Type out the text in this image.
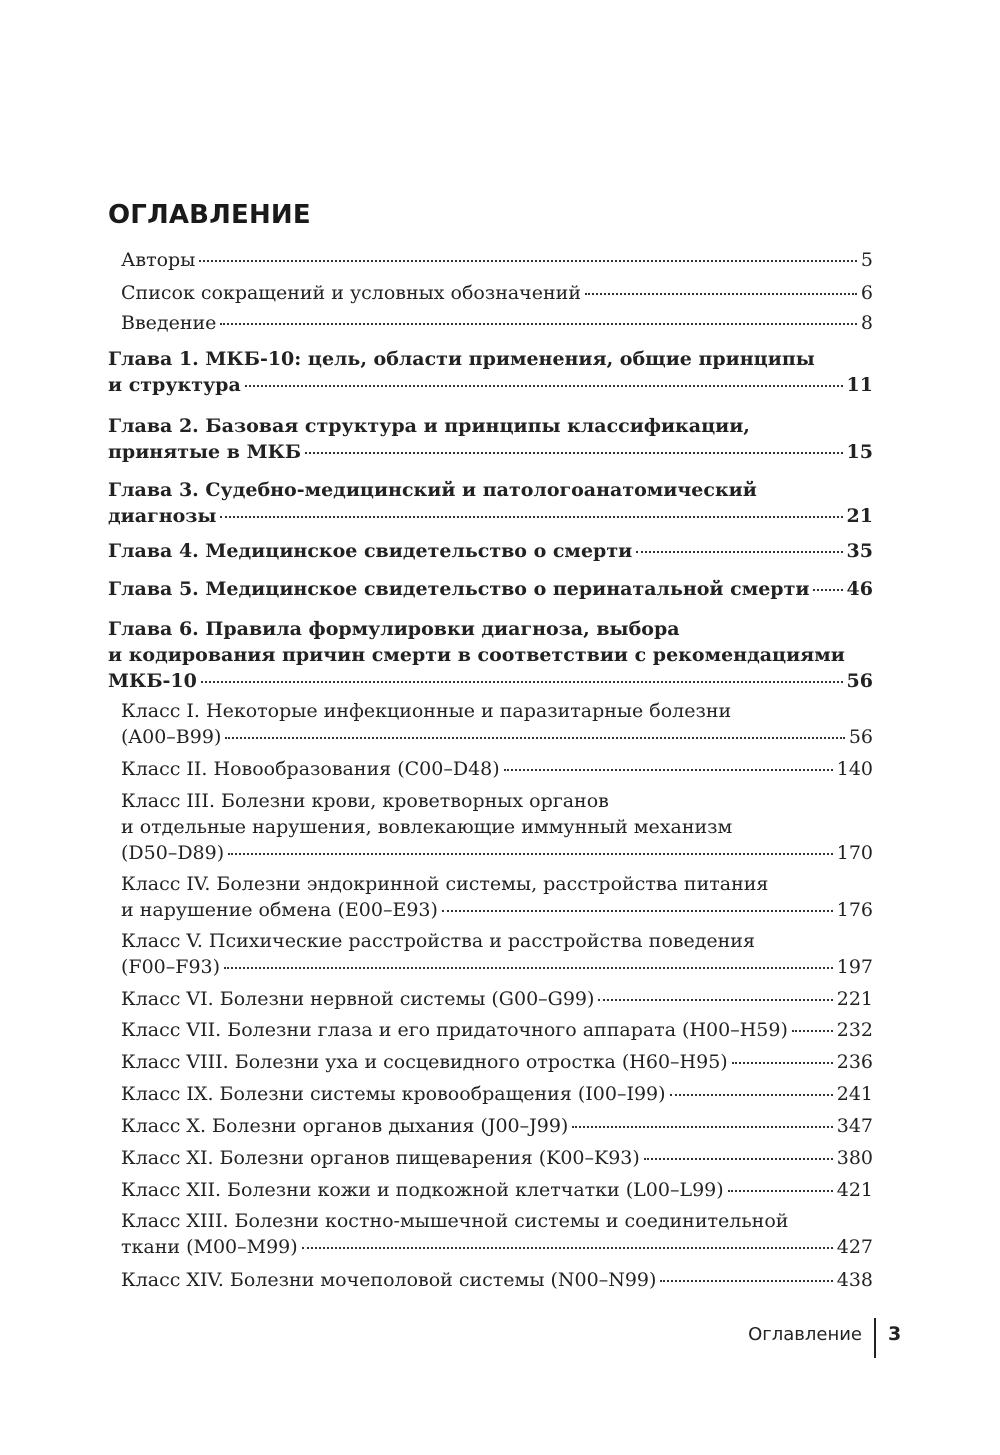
ОГЛАВЛЕНИЕ
Авторы	5
Список сокращений и условных обозначений	6
Введение	8
Глава 1. МКБ-10: цель, области применения, общие принципы
и структура	11
Глава 2. Базовая структура и принципы классификации,
принятые в МКБ	15
Глава 3. Судебно-медицинский и патологоанатомический
диагнозы	21
Глава 4. Медицинское свидетельство о смерти	35
Глава 5. Медицинское свидетельство о перинатальной смерти 46
Глава 6. Правила формулировки диагноза, выбора
и кодирования причин смерти в соответствии с рекомендациями
МКБ-10	56
Класс I. Некоторые инфекционные и паразитарные болезни
(A00–B99)	56
Класс II. Новообразования (C00–D48)	140
Класс III. Болезни крови, кроветворных органов
и отдельные нарушения, вовлекающие иммунный механизм
(D50–D89)	170
Класс IV. Болезни эндокринной системы, расстройства питания
и нарушение обмена (E00–E93)	176
Класс V. Психические расстройства и расстройства поведения
(F00–F93)	197
Класс VI. Болезни нервной системы (G00–G99)	221
Класс VII. Болезни глаза и его придаточного аппарата (H00–H59)	232
Класс VIII. Болезни уха и сосцевидного отростка (H60–H95)	236
Класс IX. Болезни системы кровообращения (I00–I99)	241
Класс X. Болезни органов дыхания (J00–J99)	347
Класс XI. Болезни органов пищеварения (K00–K93)	380
Класс XII. Болезни кожи и подкожной клетчатки (L00–L99)	421
Класс XIII. Болезни костно-мышечной системы и соединительной
ткани (M00–M99)	427
Класс XIV. Болезни мочеполовой системы (N00–N99)	438
Оглавление 3
